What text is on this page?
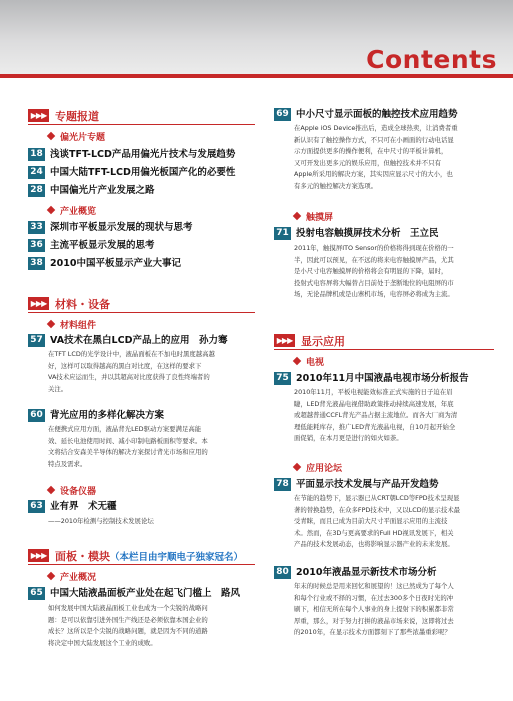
Contents
▶▶▶ 专题报道
偏光片专题
18 浅谈TFT-LCD产品用偏光片技术与发展趋势
24 中国大陆TFT-LCD用偏光板国产化的必要性
28 中国偏光片产业发展之路
产业概览
33 深圳市平板显示发展的现状与思考
36 主流平板显示发展的思考
38 2010中国平板显示产业大事记
▶▶▶ 材料・设备
材料组件
57 VA技术在黑白LCD产品上的应用　孙力骞
在TFT LCD的光学设计中，液晶面板在不加电时黑度越高越
好，这样可以取得越高的黑白对比度，在这样的要求下
VA技术应运而生，并以其超高对比度获得了良性终端者的
关注。
60 背光应用的多样化解决方案
在便携式应用方面，液晶背光LED驱动方案要满足高能
效、延长电池使用时间、减小印制电路板面积等要求。本
文将结合安森美半导体的解决方案探讨背光市场和应用的
特点及需求。
设备仪器
63 业有界　术无疆
——2010年检测与控制技术发展论坛
▶▶▶ 面板・模块（本栏目由宇顺电子独家冠名）
产业概况
65 中国大陆液晶面板产业处在起飞门槛上　路风
如何发展中国大陆液晶面板工业也成为一个尖锐的战略问
题：是可以依靠引进外国生产线还是必须依靠本国企业的
成长？这所以是个尖锐的战略问题，就是因为不同的道路
将决定中国大陆发展这个工业的成败。
69 中小尺寸显示面板的触控技术应用趋势
在Apple iOS Device推出后，造成全球热卖，让消费者重
新认识有了触控操作方式，不只可在小画面的行动电话显
示方面提供更多的操作便利，在中尺寸的平板计算机，
又可开发出更多元的娱乐应用，但触控技术并不只有
Apple所采用的解决方案，其实因应显示尺寸的大小，也
有多元的触控解决方案选项。
触摸屏
71 投射电容触摸屏技术分析　王立民
2011年，触摸屏ITO Sensor的价格将得到现在价格的一
半，因此可以预见，在不远的将来电容触摸屏产品，尤其
是小尺寸电容触摸屏的价格将会有明显的下降，届时，
投射式电容屏将大幅替占目前处于垄断地位的电阻屏的市
场，无论品牌机或是山寨机市场，电容屏必将成为主流。
▶▶▶ 显示应用
电视
75 2010年11月中国液晶电视市场分析报告
2010年11月，平板电视能效标准正式实施的日子迫在眉
睫，LED背光液晶电视借助政策推动持续高速发展，年底
或超越普通CCFL背光产品占据主流地位。而各大厂商为清
理低能耗库存，推广LED背光液晶电视，自10月起开始全
面促销，在本月更是进行的如火如荼。
应用论坛
78 平面显示技术发展与产品开发趋势
在节能的趋势下，显示器已从CRT朝LCD等FPD技术呈现显
著的替换趋势，在众多FPD技术中，又以LCD的显示技术最
受青睐，而且已成为目前大尺寸平面显示应用的主流技
术。然而，在3D与更高要求的Full HD视讯发展下，相关
产品的技术发展动态，也将影响显示器产业的未来发展。
80 2010年液晶显示新技术市场分析
年末的时候总是用来回忆和展望的！这已然成为了每个人
和每个行业或不择的习惯，在过去300多个日夜时光的冲
刷下，相信无所在每个人事业的身上提射下的积累都非常
厚重，那么，对于努力打拼的液晶市场来说，这即将过去
的2010年，在显示技术方面都刻下了那些浓墨重彩呢？
